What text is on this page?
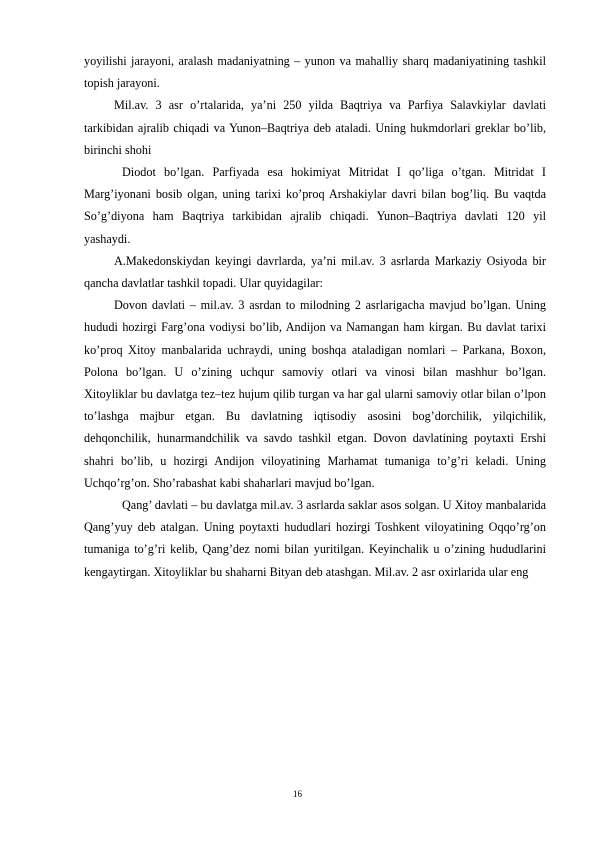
yoyilishi jarayoni, aralash madaniyatning – yunon va mahalliy sharq madaniyatining tashkil topish jarayoni.

Mil.av. 3 asr o’rtalarida, ya’ni 250 yilda Baqtriya va Parfiya Salavkiylar davlati tarkibidan ajralib chiqadi va Yunon–Baqtriya deb ataladi. Uning hukmdorlari greklar bo’lib, birinchi shohi

Diodot bo’lgan. Parfiyada esa hokimiyat Mitridat I qo’liga o’tgan. Mitridat I Marg’iyonani bosib olgan, uning tarixi ko’proq Arshakiylar davri bilan bog’liq. Bu vaqtda So’g’diyona ham Baqtriya tarkibidan ajralib chiqadi. Yunon–Baqtriya davlati 120 yil yashaydi.

A.Makedonskiydan keyingi davrlarda, ya’ni mil.av. 3 asrlarda Markaziy Osiyoda bir qancha davlatlar tashkil topadi. Ular quyidagilar:

Dovon davlati – mil.av. 3 asrdan to milodning 2 asrlarigacha mavjud bo’lgan. Uning hududi hozirgi Farg’ona vodiysi bo’lib, Andijon va Namangan ham kirgan. Bu davlat tarixi ko’proq Xitoy manbalarida uchraydi, uning boshqa ataladigan nomlari – Parkana, Boxon, Polona bo’lgan. U o’zining uchqur samoviy otlari va vinosi bilan mashhur bo’lgan. Xitoyliklar bu davlatga tez–tez hujum qilib turgan va har gal ularni samoviy otlar bilan o’lpon to’lashga majbur etgan. Bu davlatning iqtisodiy asosini bog’dorchilik, yilqichilik, dehqonchilik, hunarmandchilik va savdo tashkil etgan. Dovon davlatining poytaxti Ershi shahri bo’lib, u hozirgi Andijon viloyatining Marhamat tumaniga to’g’ri keladi. Uning Uchqo’rg’on. Sho’rabashat kabi shaharlari mavjud bo’lgan.

Qang’ davlati – bu davlatga mil.av. 3 asrlarda saklar asos solgan. U Xitoy manbalarida Qang’yuy deb atalgan. Uning poytaxti hududlari hozirgi Toshkent viloyatining Oqqo’rg’on tumaniga to’g’ri kelib, Qang’dez nomi bilan yuritilgan. Keyinchalik u o’zining hududlarini kengaytirgan. Xitoyliklar bu shaharni Bityan deb atashgan. Mil.av. 2 asr oxirlarida ular eng

16
